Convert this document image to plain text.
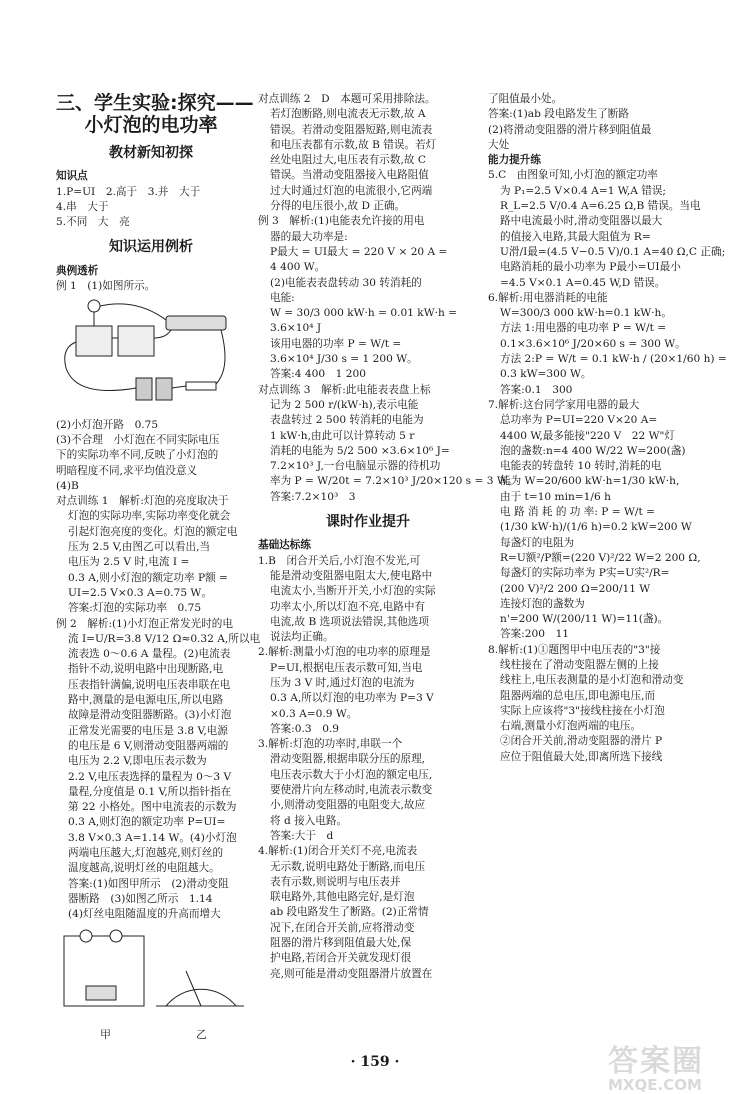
三、学生实验:探究——
小灯泡的电功率
教材新知初探
知识点
1.P=UI　2.高于　3.并　大于
4.串　大于
5.不同　大　亮
知识运用例析
典例透析
例 1　(1)如图所示。
(2)小灯泡开路　0.75
(3)不合理　小灯泡在不同实际电压
下的实际功率不同,反映了小灯泡的
明暗程度不同,求平均值没意义
(4)B
对点训练 1　解析:灯泡的亮度取决于
灯泡的实际功率,实际功率变化就会
引起灯泡亮度的变化。灯泡的额定电
压为 2.5 V,由图乙可以看出,当
电压为 2.5 V 时,电流 I =
0.3 A,则小灯泡的额定功率 P额 =
UI=2.5 V×0.3 A=0.75 W。
答案:灯泡的实际功率　0.75
例 2　解析:(1)小灯泡正常发光时的电
流 I=U/R=3.8 V/12 Ω≈0.32 A,所以电
流表选 0～0.6 A 量程。(2)电流表
指针不动,说明电路中出现断路,电
压表指针满偏,说明电压表串联在电
路中,测量的是电源电压,所以电路
故障是滑动变阻器断路。(3)小灯泡
正常发光需要的电压是 3.8 V,电源
的电压是 6 V,则滑动变阻器两端的
电压为 2.2 V,即电压表示数为
2.2 V,电压表选择的量程为 0～3 V
量程,分度值是 0.1 V,所以指针指在
第 22 小格处。图中电流表的示数为
0.3 A,则灯泡的额定功率 P=UI=
3.8 V×0.3 A=1.14 W。(4)小灯泡
两端电压越大,灯泡越亮,则灯丝的
温度越高,说明灯丝的电阻越大。
答案:(1)如图甲所示　(2)滑动变阻
器断路　(3)如图乙所示　1.14
(4)灯丝电阻随温度的升高而增大
甲	乙
对点训练 2　D　本题可采用排除法。
若灯泡断路,则电流表无示数,故 A
错误。若滑动变阻器短路,则电流表
和电压表都有示数,故 B 错误。若灯
丝处电阻过大,电压表有示数,故 C
错误。当滑动变阻器接入电路阻值
过大时通过灯泡的电流很小,它两端
分得的电压很小,故 D 正确。
例 3　解析:(1)电能表允许接的用电
器的最大功率是:
P最大 = UI最大 = 220 V × 20 A =
4 400 W。
(2)电能表表盘转动 30 转消耗的
电能:
W = 30/3 000 kW·h = 0.01 kW·h =
3.6×10⁴ J
该用电器的功率 P = W/t =
3.6×10⁴ J/30 s = 1 200 W。
答案:4 400　1 200
对点训练 3　解析:此电能表表盘上标
记为 2 500 r/(kW·h),表示电能
表盘转过 2 500 转消耗的电能为
1 kW·h,由此可以计算转动 5 r
消耗的电能为 5/2 500 ×3.6×10⁶ J=
7.2×10³ J,一台电脑显示器的待机功
率为 P = W/20t = 7.2×10³ J/20×120 s = 3 W。
答案:7.2×10³　3
课时作业提升
基础达标练
1.B　闭合开关后,小灯泡不发光,可
能是滑动变阻器电阻太大,使电路中
电流太小,当断开开关,小灯泡的实际
功率太小,所以灯泡不亮,电路中有
电流,故 B 选项说法错误,其他选项
说法均正确。
2.解析:测量小灯泡的电功率的原理是
P=UI,根据电压表示数可知,当电
压为 3 V 时,通过灯泡的电流为
0.3 A,所以灯泡的电功率为 P=3 V
×0.3 A=0.9 W。
答案:0.3　0.9
3.解析:灯泡的功率时,串联一个
滑动变阻器,根据串联分压的原理,
电压表示数大于小灯泡的额定电压,
要使滑片向左移动时,电流表示数变
小,则滑动变阻器的电阻变大,故应
将 d 接入电路。
答案:大于　d
4.解析:(1)闭合开关灯不亮,电流表
无示数,说明电路处于断路,而电压
表有示数,则说明与电压表并
联电路外,其他电路完好,是灯泡
ab 段电路发生了断路。(2)正常情
况下,在闭合开关前,应将滑动变
阻器的滑片移到阻值最大处,保
护电路,若闭合开关就发现灯很
亮,则可能是滑动变阻器滑片放置在
了阻值最小处。
答案:(1)ab 段电路发生了断路
(2)将滑动变阻器的滑片移到阻值最
大处
能力提升练
5.C　由图象可知,小灯泡的额定功率
为 P₁=2.5 V×0.4 A=1 W,A 错误;
R_L=2.5 V/0.4 A=6.25 Ω,B 错误。当电
路中电流最小时,滑动变阻器以最大
的值接入电路,其最大阻值为 R=
U滑/I最=(4.5 V−0.5 V)/0.1 A=40 Ω,C 正确;
电路消耗的最小功率为 P最小=UI最小
=4.5 V×0.1 A=0.45 W,D 错误。
6.解析:用电器消耗的电能
W=300/3 000 kW·h=0.1 kW·h。
方法 1:用电器的电功率 P = W/t =
0.1×3.6×10⁶ J/20×60 s = 300 W。
方法 2:P = W/t = 0.1 kW·h / (20×1/60 h) =
0.3 kW=300 W。
答案:0.1　300
7.解析:这台同学家用电器的最大
总功率为 P=UI=220 V×20 A=
4400 W,最多能接"220 V　22 W"灯
泡的盏数:n=4 400 W/22 W=200(盏)
电能表的转盘转 10 转时,消耗的电
能为 W=20/600 kW·h=1/30 kW·h,
由于 t=10 min=1/6 h
电 路 消 耗 的 功 率: P = W/t =
(1/30 kW·h)/(1/6 h)=0.2 kW=200 W
每盏灯的电阻为
R=U额²/P额=(220 V)²/22 W=2 200 Ω,
每盏灯的实际功率为 P实=U实²/R=
(200 V)²/2 200 Ω=200/11 W
连接灯泡的盏数为
n'=200 W/(200/11 W)=11(盏)。
答案:200　11
8.解析:(1)①题图甲中电压表的"3"接
线柱接在了滑动变阻器左侧的上接
线柱上,电压表测量的是小灯泡和滑动变
阻器两端的总电压,即电源电压,而
实际上应该将"3"接线柱接在小灯泡
右端,测量小灯泡两端的电压。
②闭合开关前,滑动变阻器的滑片 P
应位于阻值最大处,即离所选下接线
· 159 ·	答案圈
MXQE.COM
